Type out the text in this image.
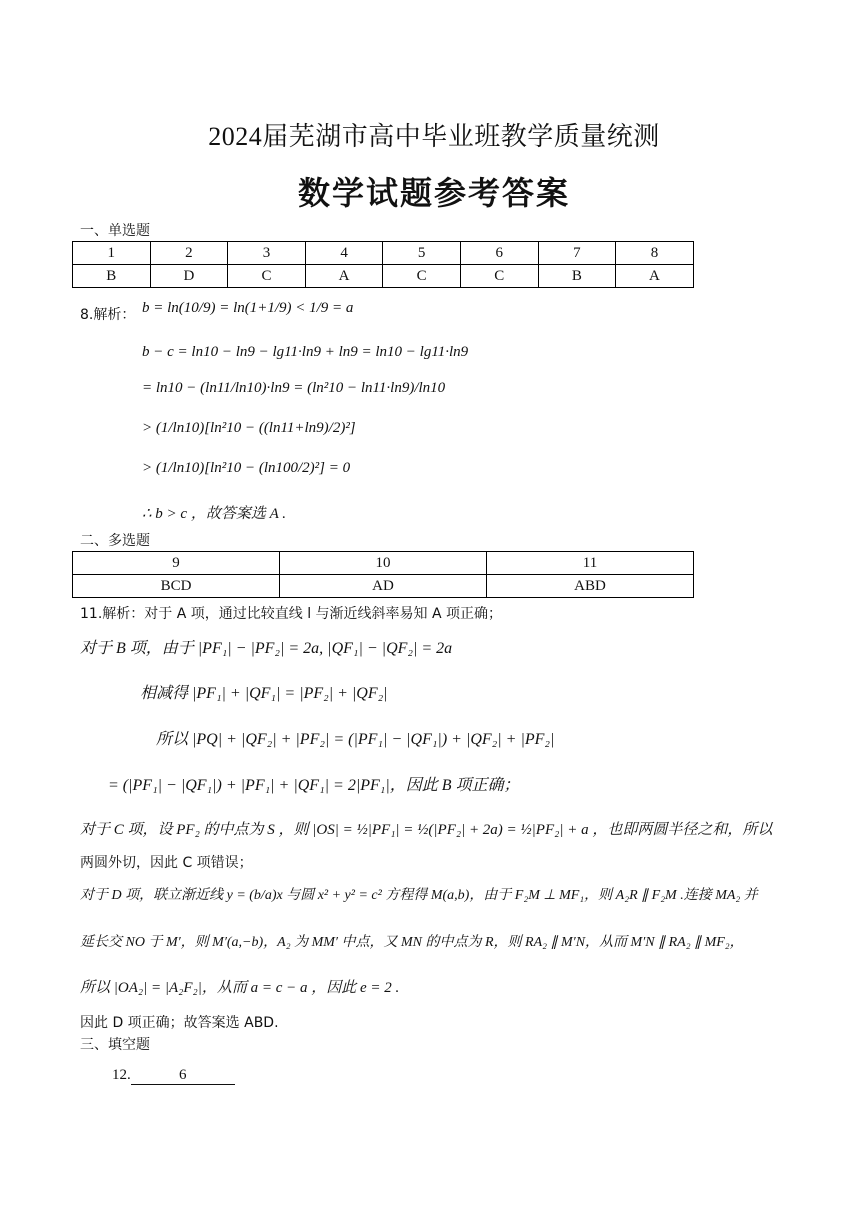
2024届芜湖市高中毕业班教学质量统测
数学试题参考答案
一、单选题
1	2	3	4	5	6	7	8
B	D	C	A	C	C	B	A
8.解析： b = ln(10/9) = ln(1+1/9) < 1/9 = a
b − c = ln10 − ln9 − lg11·ln9 + ln9 = ln10 − lg11·ln9
= ln10 − (ln11/ln10)·ln9 = (ln²10 − ln11·ln9)/ln10
> (1/ln10)[ln²10 − ((ln11+ln9)/2)²]
> (1/ln10)[ln²10 − (ln100/2)²] = 0
∴ b > c ，故答案选 A .
二、多选题
9	10	11
BCD	AD	ABD
11.解析：对于 A 项，通过比较直线 l 与渐近线斜率易知 A 项正确；
对于 B 项，由于 |PF₁| − |PF₂| = 2a, |QF₁| − |QF₂| = 2a
相减得 |PF₁| + |QF₁| = |PF₂| + |QF₂|
所以 |PQ| + |QF₂| + |PF₂| = (|PF₁| − |QF₁|) + |QF₂| + |PF₂|
= (|PF₁| − |QF₁|) + |PF₁| + |QF₁| = 2|PF₁|，因此 B 项正确；
对于 C 项，设 PF₂ 的中点为 S ，则 |OS| = ½|PF₁| = ½(|PF₂| + 2a) = ½|PF₂| + a ，也即两圆半径之和，所以
两圆外切，因此 C 项错误；
对于 D 项，联立渐近线 y = (b/a)x 与圆 x² + y² = c² 方程得 M(a,b)，由于 F₂M ⊥ MF₁，则 A₂R ∥ F₂M .连接 MA₂ 并
延长交 NO 于 M′，则 M′(a,−b)，A₂ 为 MM′ 中点，又 MN 的中点为 R，则 RA₂ ∥ M′N，从而 M′N ∥ RA₂ ∥ MF₂，
所以 |OA₂| = |A₂F₂|，从而 a = c − a ，因此 e = 2 .
因此 D 项正确；故答案选 ABD.
三、填空题
12.	6
